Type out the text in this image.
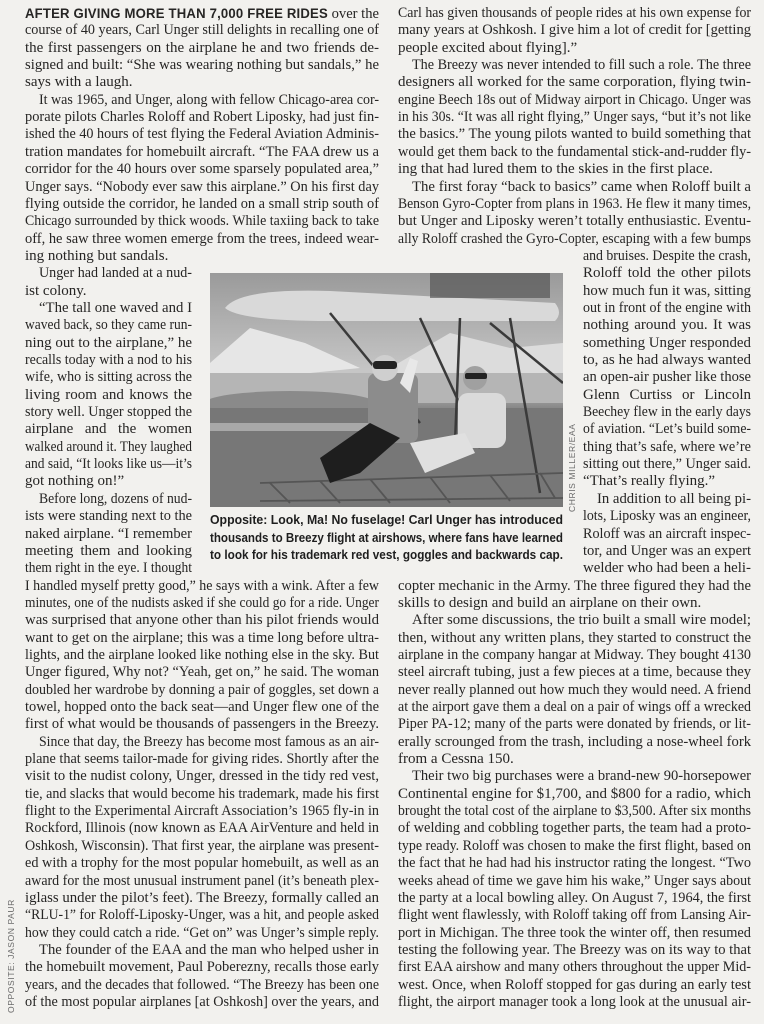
AFTER GIVING MORE THAN 7,000 FREE RIDES over the
course of 40 years, Carl Unger still delights in recalling one of
the first passengers on the airplane he and two friends de-
signed and built: “She was wearing nothing but sandals,” he
says with a laugh.
It was 1965, and Unger, along with fellow Chicago-area cor-
porate pilots Charles Roloff and Robert Liposky, had just fin-
ished the 40 hours of test flying the Federal Aviation Adminis-
tration mandates for homebuilt aircraft. “The FAA drew us a
corridor for the 40 hours over some sparsely populated area,”
Unger says. “Nobody ever saw this airplane.” On his first day
flying outside the corridor, he landed on a small strip south of
Chicago surrounded by thick woods. While taxiing back to take
off, he saw three women emerge from the trees, indeed wear-
ing nothing but sandals.
Unger had landed at a nud-
ist colony.
“The tall one waved and I
waved back, so they came run-
ning out to the airplane,” he
recalls today with a nod to his
wife, who is sitting across the
living room and knows the
story well. Unger stopped the
airplane and the women
walked around it. They laughed
and said, “It looks like us—it’s
got nothing on!”
Before long, dozens of nud-
ists were standing next to the
naked airplane. “I remember
meeting them and looking
them right in the eye. I thought
I handled myself pretty good,” he says with a wink. After a few
minutes, one of the nudists asked if she could go for a ride. Unger
was surprised that anyone other than his pilot friends would
want to get on the airplane; this was a time long before ultra-
lights, and the airplane looked like nothing else in the sky. But
Unger figured, Why not? “Yeah, get on,” he said. The woman
doubled her wardrobe by donning a pair of goggles, set down a
towel, hopped onto the back seat—and Unger flew one of the
first of what would be thousands of passengers in the Breezy.
Since that day, the Breezy has become most famous as an air-
plane that seems tailor-made for giving rides. Shortly after the
visit to the nudist colony, Unger, dressed in the tidy red vest,
tie, and slacks that would become his trademark, made his first
flight to the Experimental Aircraft Association’s 1965 fly-in in
Rockford, Illinois (now known as EAA AirVenture and held in
Oshkosh, Wisconsin). That first year, the airplane was present-
ed with a trophy for the most popular homebuilt, as well as an
award for the most unusual instrument panel (it’s beneath plex-
iglass under the pilot’s feet). The Breezy, formally called an
“RLU-1” for Roloff-Liposky-Unger, was a hit, and people asked
how they could catch a ride. “Get on” was Unger’s simple reply.
The founder of the EAA and the man who helped usher in
the homebuilt movement, Paul Poberezny, recalls those early
years, and the decades that followed. “The Breezy has been one
of the most popular airplanes [at Oshkosh] over the years, and
Carl has given thousands of people rides at his own expense for
many years at Oshkosh. I give him a lot of credit for [getting
people excited about flying].”
The Breezy was never intended to fill such a role. The three
designers all worked for the same corporation, flying twin-
engine Beech 18s out of Midway airport in Chicago. Unger was
in his 30s. “It was all right flying,” Unger says, “but it’s not like
the basics.” The young pilots wanted to build something that
would get them back to the fundamental stick-and-rudder fly-
ing that had lured them to the skies in the first place.
The first foray “back to basics” came when Roloff built a
Benson Gyro-Copter from plans in 1963. He flew it many times,
but Unger and Liposky weren’t totally enthusiastic. Eventu-
ally Roloff crashed the Gyro-Copter, escaping with a few bumps
and bruises. Despite the crash,
Roloff told the other pilots
how much fun it was, sitting
out in front of the engine with
nothing around you. It was
something Unger responded
to, as he had always wanted
an open-air pusher like those
Glenn Curtiss or Lincoln
Beechey flew in the early days
of aviation. “Let’s build some-
thing that’s safe, where we’re
sitting out there,” Unger said.
“That’s really flying.”
In addition to all being pi-
lots, Liposky was an engineer,
Roloff was an aircraft inspec-
tor, and Unger was an expert
welder who had been a heli-
copter mechanic in the Army. The three figured they had the
skills to design and build an airplane on their own.
After some discussions, the trio built a small wire model;
then, without any written plans, they started to construct the
airplane in the company hangar at Midway. They bought 4130
steel aircraft tubing, just a few pieces at a time, because they
never really planned out how much they would need. A friend
at the airport gave them a deal on a pair of wings off a wrecked
Piper PA-12; many of the parts were donated by friends, or lit-
erally scrounged from the trash, including a nose-wheel fork
from a Cessna 150.
Their two big purchases were a brand-new 90-horsepower
Continental engine for $1,700, and $800 for a radio, which
brought the total cost of the airplane to $3,500. After six months
of welding and cobbling together parts, the team had a proto-
type ready. Roloff was chosen to make the first flight, based on
the fact that he had had his instructor rating the longest. “Two
weeks ahead of time we gave him his wake,” Unger says about
the party at a local bowling alley. On August 7, 1964, the first
flight went flawlessly, with Roloff taking off from Lansing Air-
port in Michigan. The three took the winter off, then resumed
testing the following year. The Breezy was on its way to that
first EAA airshow and many others throughout the upper Mid-
west. Once, when Roloff stopped for gas during an early test
flight, the airport manager took a long look at the unusual air-
CHRIS MILLER/EAA
Opposite: Look, Ma! No fuselage! Carl Unger has introduced
thousands to Breezy flight at airshows, where fans have learned
to look for his trademark red vest, goggles and backwards cap.
OPPOSITE: JASON PAUR
